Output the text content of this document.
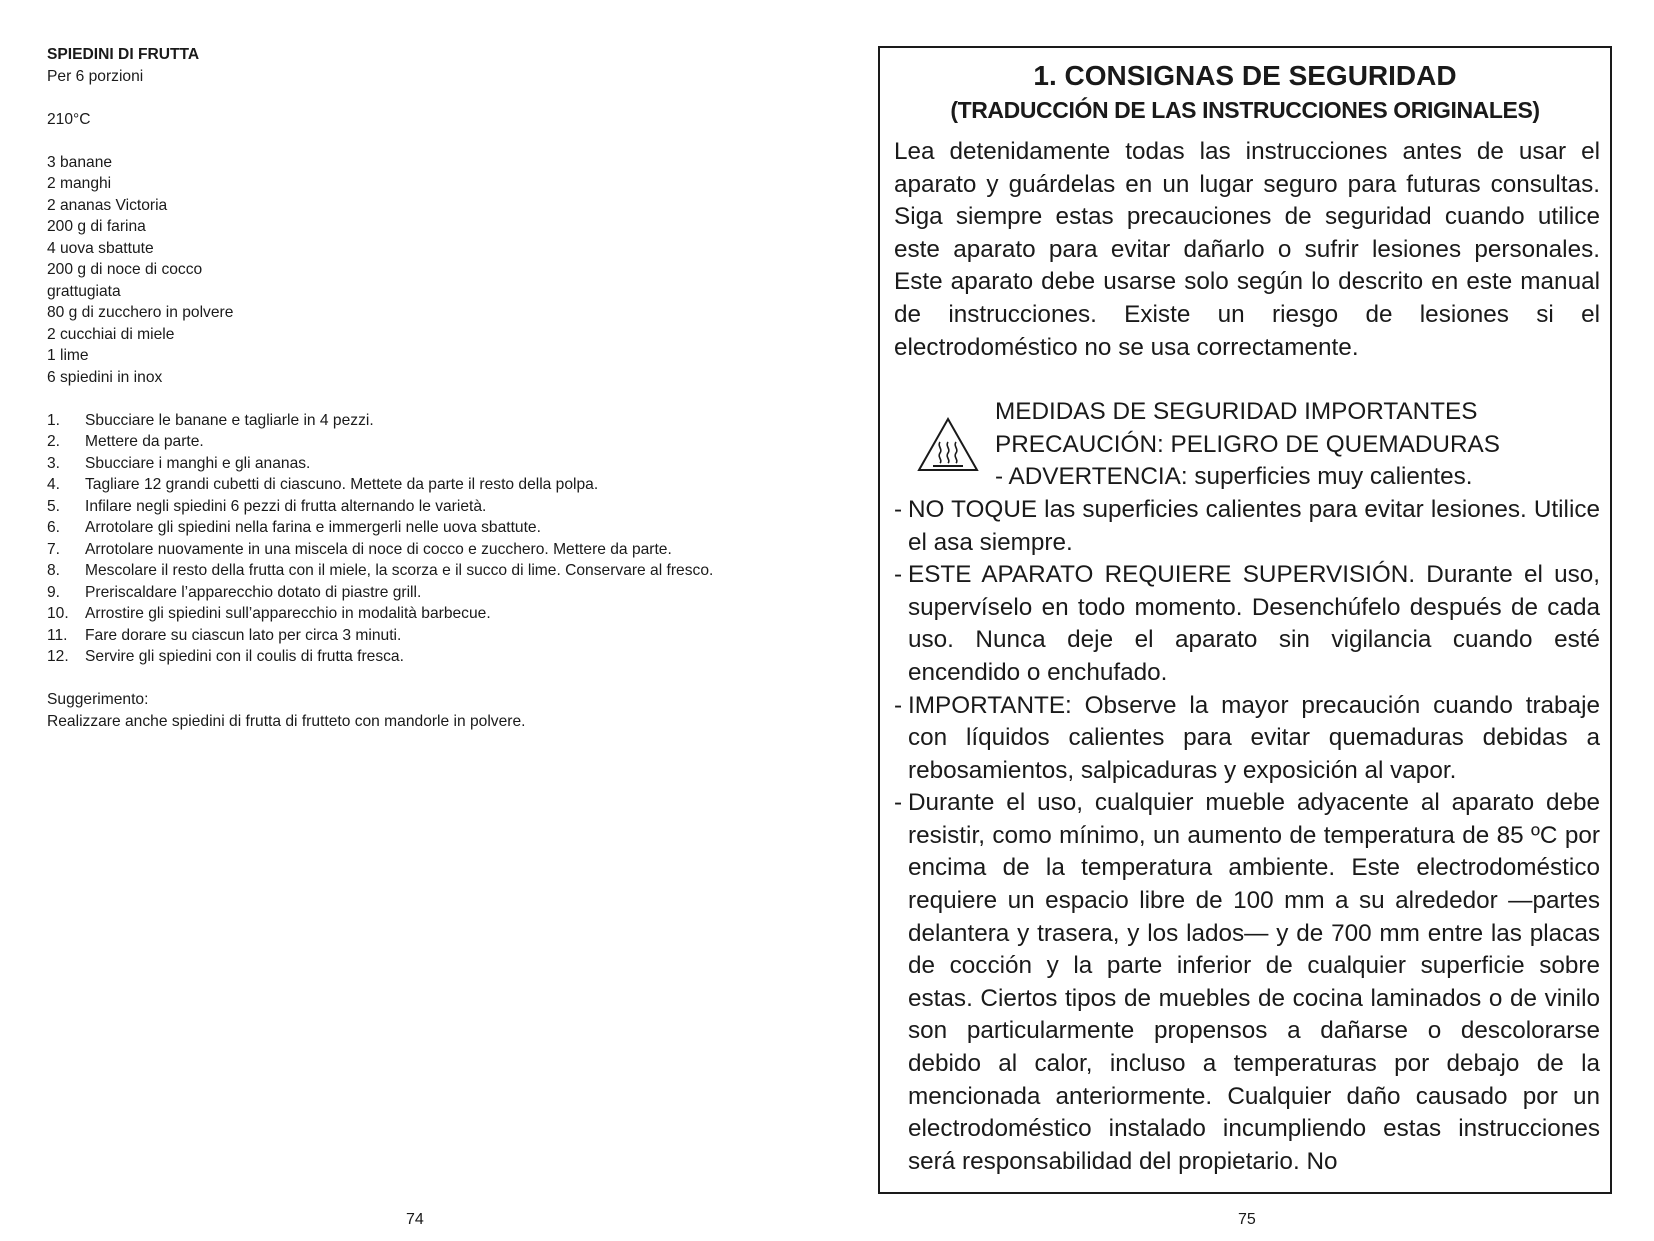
SPIEDINI DI FRUTTA

Per 6 porzioni

210°C

3 banane

2 manghi

2 ananas Victoria

200 g di farina

4 uova sbattute

200 g di noce di cocco

grattugiata

80 g di zucchero in polvere

2 cucchiai di miele

1 lime

6 spiedini in inox

1.	Sbucciare le banane e tagliarle in 4 pezzi.
2.	Mettere da parte.
3.	Sbucciare i manghi e gli ananas.
4.	Tagliare 12 grandi cubetti di ciascuno. Mettete da parte il resto della polpa.
5.	Infilare negli spiedini 6 pezzi di frutta alternando le varietà.
6.	Arrotolare gli spiedini nella farina e immergerli nelle uova sbattute.
7.	Arrotolare nuovamente in una miscela di noce di cocco e zucchero. Mettere da parte.
8.	Mescolare il resto della frutta con il miele, la scorza e il succo di lime. Conservare al fresco.
9.	Preriscaldare l’apparecchio dotato di piastre grill.
10.	Arrostire gli spiedini sull’apparecchio in modalità barbecue.
11.	Fare dorare su ciascun lato per circa 3 minuti.
12.	Servire gli spiedini con il coulis di frutta fresca.

Suggerimento:

Realizzare anche spiedini di frutta di frutteto con mandorle in polvere.

74
1. CONSIGNAS DE SEGURIDAD
(TRADUCCIÓN DE LAS INSTRUCCIONES ORIGINALES)

Lea detenidamente todas las instrucciones antes de usar el aparato y guárdelas en un lugar seguro para futuras consultas. Siga siempre estas precauciones de seguridad cuando utilice este aparato para evitar dañarlo o sufrir lesiones personales. Este aparato debe usarse solo según lo descrito en este manual de instrucciones. Existe un riesgo de lesiones si el electrodoméstico no se usa correctamente.

MEDIDAS DE SEGURIDAD IMPORTANTES

PRECAUCIÓN: PELIGRO DE QUEMADURAS

- ADVERTENCIA: superficies muy calientes.

- NO TOQUE las superficies calientes para evitar lesiones. Utilice el asa siempre.
- ESTE APARATO REQUIERE SUPERVISIÓN. Durante el uso, supervíselo en todo momento. Desenchúfelo después de cada uso. Nunca deje el aparato sin vigilancia cuando esté encendido o enchufado.
- IMPORTANTE: Observe la mayor precaución cuando trabaje con líquidos calientes para evitar quemaduras debidas a rebosamientos, salpicaduras y exposición al vapor.
- Durante el uso, cualquier mueble adyacente al aparato debe resistir, como mínimo, un aumento de temperatura de 85 ºC por encima de la temperatura ambiente. Este electrodoméstico requiere un espacio libre de 100 mm a su alrededor —partes delantera y trasera, y los lados— y de 700 mm entre las placas de cocción y la parte inferior de cualquier superficie sobre estas. Ciertos tipos de muebles de cocina laminados o de vinilo son particularmente propensos a dañarse o descolorarse debido al calor, incluso a temperaturas por debajo de la mencionada anteriormente. Cualquier daño causado por un electrodoméstico instalado incumpliendo estas instrucciones será responsabilidad del propietario. No
75
